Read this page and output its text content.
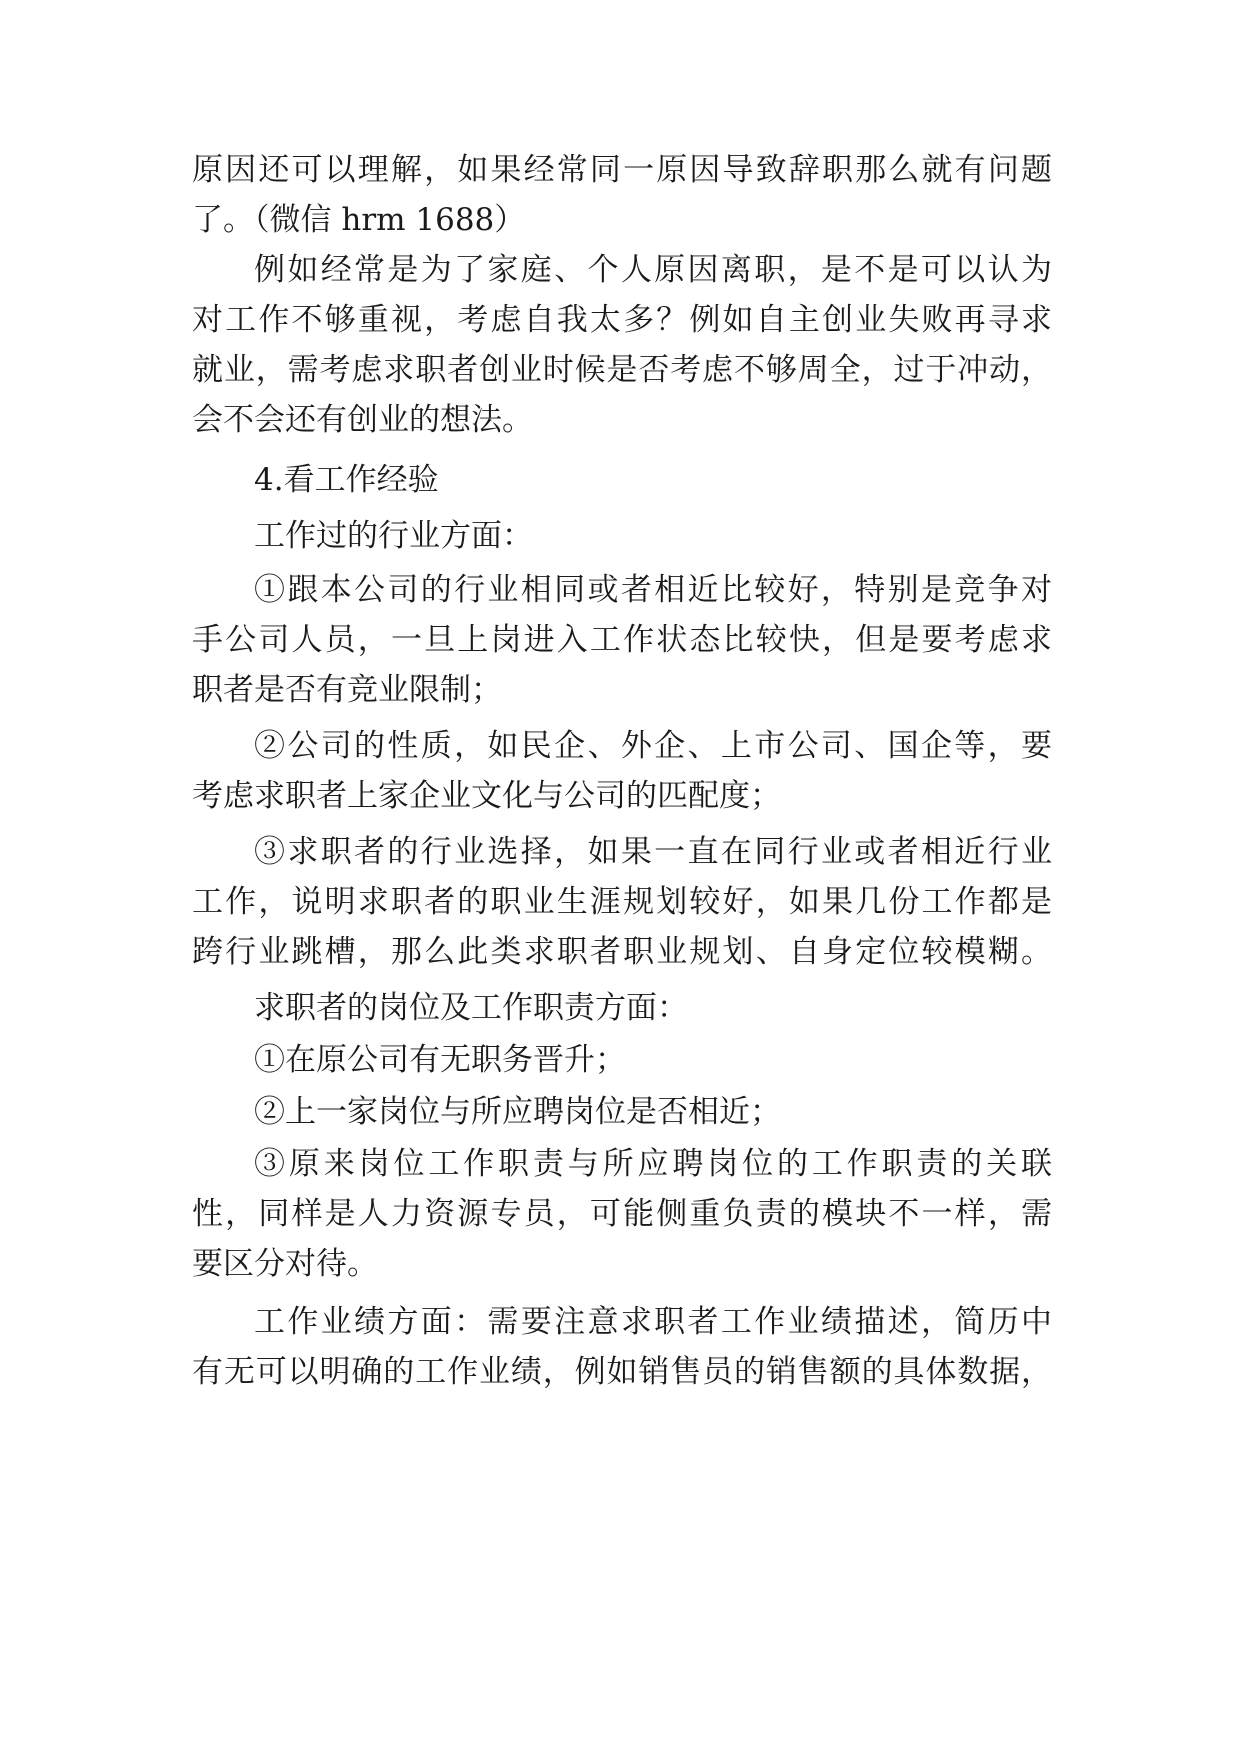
原因还可以理解，如果经常同一原因导致辞职那么就有问题
了。（微信 hrm 1688）
例如经常是为了家庭、个人原因离职，是不是可以认为
对工作不够重视，考虑自我太多？例如自主创业失败再寻求
就业，需考虑求职者创业时候是否考虑不够周全，过于冲动，
会不会还有创业的想法。
4.看工作经验
工作过的行业方面：
①跟本公司的行业相同或者相近比较好，特别是竞争对
手公司人员，一旦上岗进入工作状态比较快，但是要考虑求
职者是否有竞业限制；
②公司的性质，如民企、外企、上市公司、国企等，要
考虑求职者上家企业文化与公司的匹配度；
③求职者的行业选择，如果一直在同行业或者相近行业
工作，说明求职者的职业生涯规划较好，如果几份工作都是
跨行业跳槽，那么此类求职者职业规划、自身定位较模糊。
求职者的岗位及工作职责方面：
①在原公司有无职务晋升；
②上一家岗位与所应聘岗位是否相近；
③原来岗位工作职责与所应聘岗位的工作职责的关联
性，同样是人力资源专员，可能侧重负责的模块不一样，需
要区分对待。
工作业绩方面：需要注意求职者工作业绩描述，简历中
有无可以明确的工作业绩，例如销售员的销售额的具体数据，
